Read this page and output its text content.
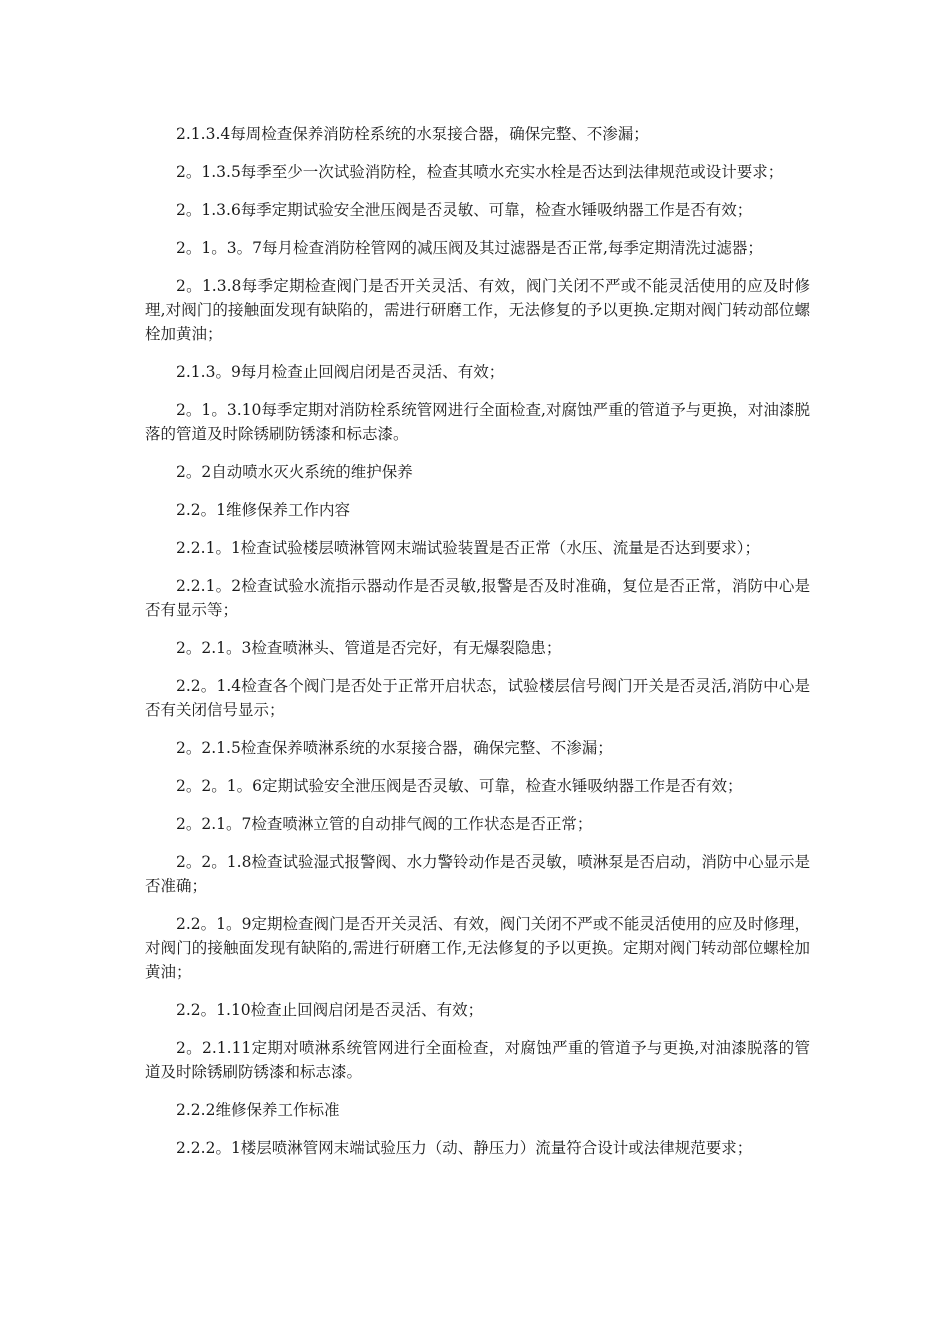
2.1.3.4每周检查保养消防栓系统的水泵接合器，确保完整、不渗漏；

2。1.3.5每季至少一次试验消防栓，检查其喷水充实水栓是否达到法律规范或设计要求；

2。1.3.6每季定期试验安全泄压阀是否灵敏、可靠，检查水锤吸纳器工作是否有效；

2。1。3。7每月检查消防栓管网的减压阀及其过滤器是否正常,每季定期清洗过滤器；

2。1.3.8每季定期检查阀门是否开关灵活、有效，阀门关闭不严或不能灵活使用的应及时修理,对阀门的接触面发现有缺陷的，需进行研磨工作，无法修复的予以更换.定期对阀门转动部位螺栓加黄油；

2.1.3。9每月检查止回阀启闭是否灵活、有效；

2。1。3.10每季定期对消防栓系统管网进行全面检查,对腐蚀严重的管道予与更换，对油漆脱落的管道及时除锈刷防锈漆和标志漆。

2。2自动喷水灭火系统的维护保养

2.2。1维修保养工作内容

2.2.1。1检查试验楼层喷淋管网末端试验装置是否正常（水压、流量是否达到要求）；

2.2.1。2检查试验水流指示器动作是否灵敏,报警是否及时准确，复位是否正常，消防中心是否有显示等；

2。2.1。3检查喷淋头、管道是否完好，有无爆裂隐患；

2.2。1.4检查各个阀门是否处于正常开启状态，试验楼层信号阀门开关是否灵活,消防中心是否有关闭信号显示；

2。2.1.5检查保养喷淋系统的水泵接合器，确保完整、不渗漏；

2。2。1。6定期试验安全泄压阀是否灵敏、可靠，检查水锤吸纳器工作是否有效；

2。2.1。7检查喷淋立管的自动排气阀的工作状态是否正常；

2。2。1.8检查试验湿式报警阀、水力警铃动作是否灵敏，喷淋泵是否启动，消防中心显示是否准确；

2.2。1。9定期检查阀门是否开关灵活、有效，阀门关闭不严或不能灵活使用的应及时修理，对阀门的接触面发现有缺陷的,需进行研磨工作,无法修复的予以更换。定期对阀门转动部位螺栓加黄油；

2.2。1.10检查止回阀启闭是否灵活、有效；

2。2.1.11定期对喷淋系统管网进行全面检查，对腐蚀严重的管道予与更换,对油漆脱落的管道及时除锈刷防锈漆和标志漆。

2.2.2维修保养工作标准

2.2.2。1楼层喷淋管网末端试验压力（动、静压力）流量符合设计或法律规范要求；
